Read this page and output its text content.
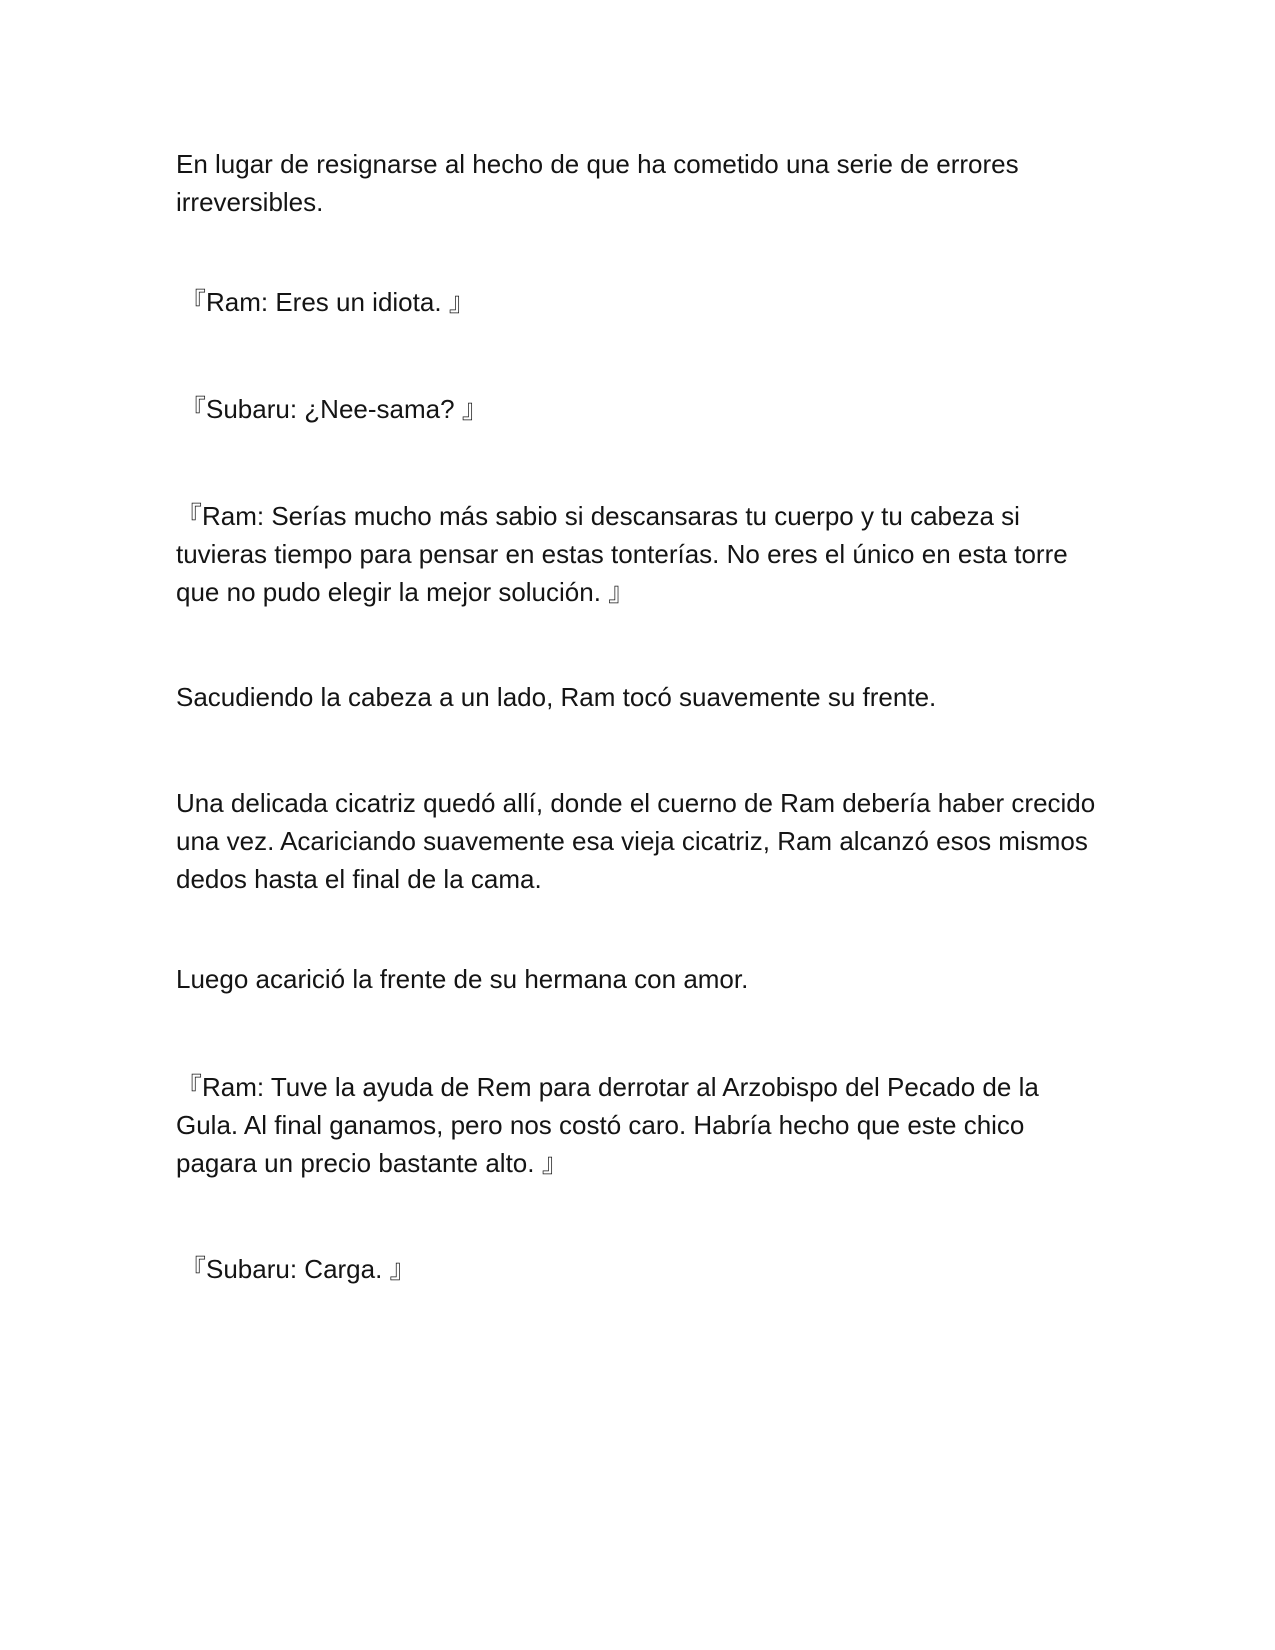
En lugar de resignarse al hecho de que ha cometido una serie de errores irreversibles.

『Ram: Eres un idiota. 』

『Subaru: ¿Nee-sama? 』

『Ram: Serías mucho más sabio si descansaras tu cuerpo y tu cabeza si tuvieras tiempo para pensar en estas tonterías. No eres el único en esta torre que no pudo elegir la mejor solución. 』

Sacudiendo la cabeza a un lado, Ram tocó suavemente su frente.

Una delicada cicatriz quedó allí, donde el cuerno de Ram debería haber crecido una vez. Acariciando suavemente esa vieja cicatriz, Ram alcanzó esos mismos dedos hasta el final de la cama.

Luego acarició la frente de su hermana con amor.

『Ram: Tuve la ayuda de Rem para derrotar al Arzobispo del Pecado de la Gula. Al final ganamos, pero nos costó caro. Habría hecho que este chico pagara un precio bastante alto. 』

『Subaru: Carga. 』
